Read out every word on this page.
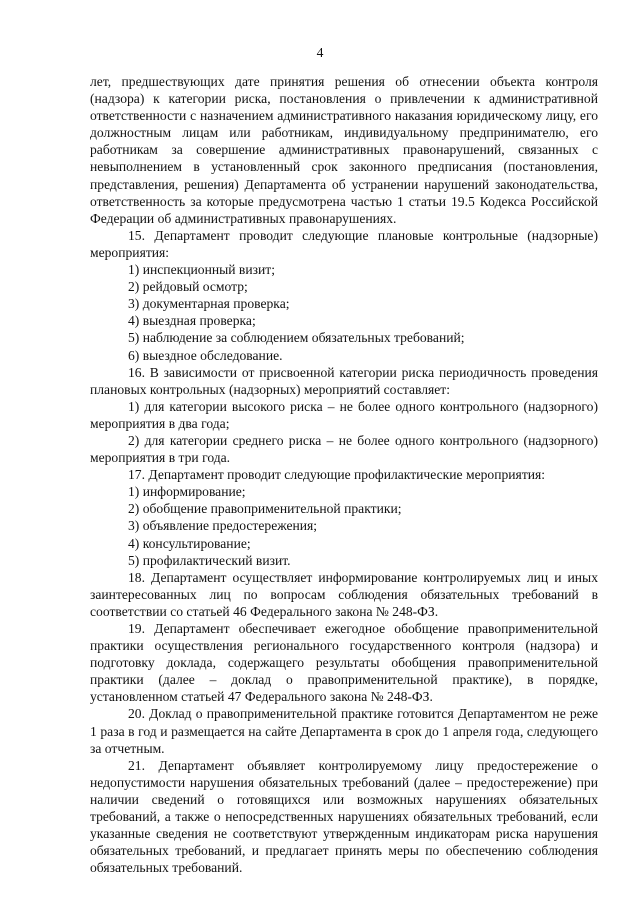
4

лет, предшествующих дате принятия решения об отнесении объекта контроля (надзора) к категории риска, постановления о привлечении к административной ответственности с назначением административного наказания юридическому лицу, его должностным лицам или работникам, индивидуальному предпринимателю, его работникам за совершение административных правонарушений, связанных с невыполнением в установленный срок законного предписания (постановления, представления, решения) Департамента об устранении нарушений законодательства, ответственность за которые предусмотрена частью 1 статьи 19.5 Кодекса Российской Федерации об административных правонарушениях.

15. Департамент проводит следующие плановые контрольные (надзорные) мероприятия:

1) инспекционный визит;

2) рейдовый осмотр;

3) документарная проверка;

4) выездная проверка;

5) наблюдение за соблюдением обязательных требований;

6) выездное обследование.

16. В зависимости от присвоенной категории риска периодичность проведения плановых контрольных (надзорных) мероприятий составляет:

1) для категории высокого риска – не более одного контрольного (надзорного) мероприятия в два года;

2) для категории среднего риска – не более одного контрольного (надзорного) мероприятия в три года.

17. Департамент проводит следующие профилактические мероприятия:

1) информирование;

2) обобщение правоприменительной практики;

3) объявление предостережения;

4) консультирование;

5) профилактический визит.

18. Департамент осуществляет информирование контролируемых лиц и иных заинтересованных лиц по вопросам соблюдения обязательных требований в соответствии со статьей 46 Федерального закона № 248-ФЗ.

19. Департамент обеспечивает ежегодное обобщение правоприменительной практики осуществления регионального государственного контроля (надзора) и подготовку доклада, содержащего результаты обобщения правоприменительной практики (далее – доклад о правоприменительной практике), в порядке, установленном статьей 47 Федерального закона № 248-ФЗ.

20. Доклад о правоприменительной практике готовится Департаментом не реже 1 раза в год и размещается на сайте Департамента в срок до 1 апреля года, следующего за отчетным.

21. Департамент объявляет контролируемому лицу предостережение о недопустимости нарушения обязательных требований (далее – предостережение) при наличии сведений о готовящихся или возможных нарушениях обязательных требований, а также о непосредственных нарушениях обязательных требований, если указанные сведения не соответствуют утвержденным индикаторам риска нарушения обязательных требований, и предлагает принять меры по обеспечению соблюдения обязательных требований.
